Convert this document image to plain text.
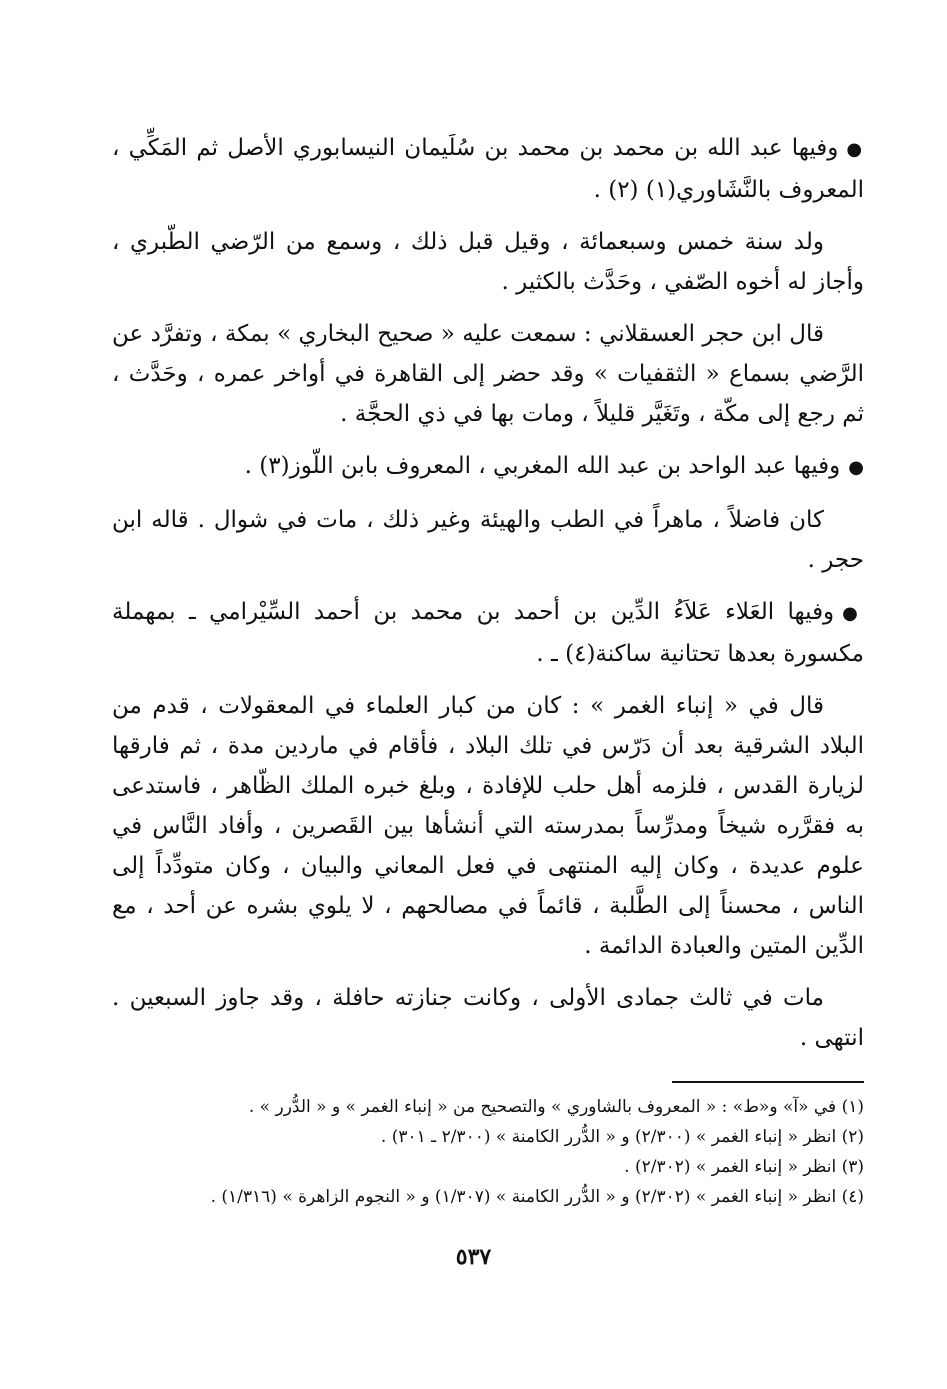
●وفيها عبد الله بن محمد بن محمد بن سُلَيمان النيسابوري الأصل ثم المَكِّي ، المعروف بالنَّشَاوري(١) (٢) .

ولد سنة خمس وسبعمائة ، وقيل قبل ذلك ، وسمع من الرّضي الطّبري ، وأجاز له أخوه الصّفي ، وحَدَّث بالكثير .

قال ابن حجر العسقلاني : سمعت عليه « صحيح البخاري » بمكة ، وتفرَّد عن الرَّضي بسماع « الثقفيات » وقد حضر إلى القاهرة في أواخر عمره ، وحَدَّث ، ثم رجع إلى مكّة ، وتَغَيَّر قليلاً ، ومات بها في ذي الحجَّة .

●وفيها عبد الواحد بن عبد الله المغربي ، المعروف بابن اللّوز(٣) .

كان فاضلاً ، ماهراً في الطب والهيئة وغير ذلك ، مات في شوال . قاله ابن حجر .

●وفيها العَلاء عَلاَءُ الدِّين بن أحمد بن محمد بن أحمد السِّيْرامي ـ بمهملة مكسورة بعدها تحتانية ساكنة(٤) ـ .

قال في « إنباء الغمر » : كان من كبار العلماء في المعقولات ، قدم من البلاد الشرقية بعد أن دَرّس في تلك البلاد ، فأقام في ماردين مدة ، ثم فارقها لزيارة القدس ، فلزمه أهل حلب للإفادة ، وبلغ خبره الملك الظّاهر ، فاستدعى به فقرَّره شيخاً ومدرِّساً بمدرسته التي أنشأها بين القَصرين ، وأفاد النَّاس في علوم عديدة ، وكان إليه المنتهى في فعل المعاني والبيان ، وكان متودِّداً إلى الناس ، محسناً إلى الطَّلبة ، قائماً في مصالحهم ، لا يلوي بشره عن أحد ، مع الدِّين المتين والعبادة الدائمة .

مات في ثالث جمادى الأولى ، وكانت جنازته حافلة ، وقد جاوز السبعين . انتهى .

(١) في «آ» و«ط» : « المعروف بالشاوري » والتصحيح من « إنباء الغمر » و « الدُّرر » .

(٢) انظر « إنباء الغمر » (٢/٣٠٠) و « الدُّرر الكامنة » (٢/٣٠٠ ـ ٣٠١) .

(٣) انظر « إنباء الغمر » (٢/٣٠٢) .

(٤) انظر « إنباء الغمر » (٢/٣٠٢) و « الدُّرر الكامنة » (١/٣٠٧) و « النجوم الزاهرة » (١/٣١٦) .

٥٣٧
